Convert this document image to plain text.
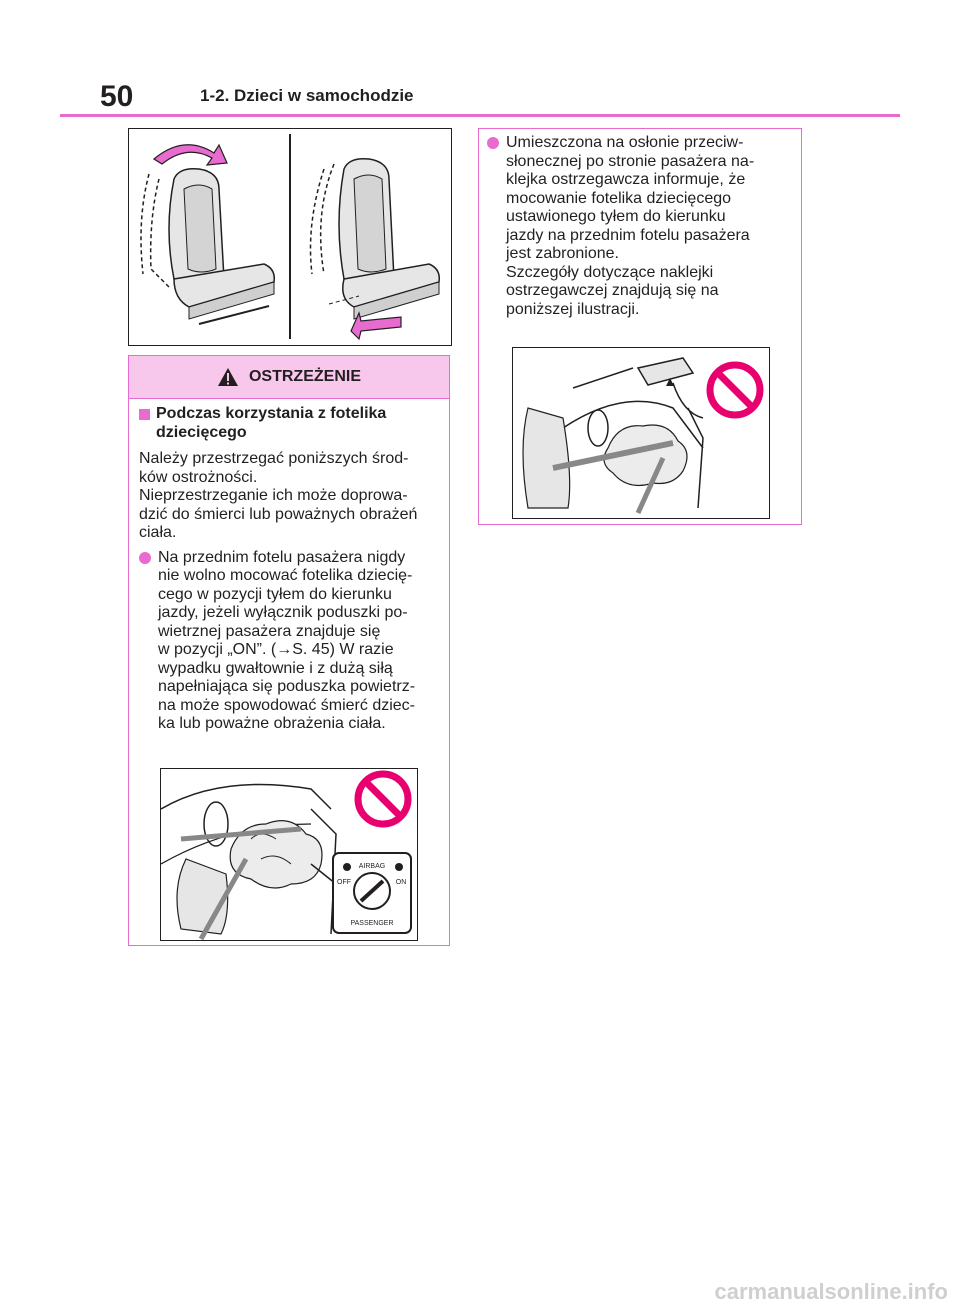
50	1-2. Dzieci w samochodzie
OSTRZEŻENIE
Podczas korzystania z fotelika
dziecięcego
Należy przestrzegać poniższych środ-
ków ostrożności.
Nieprzestrzeganie ich może doprowa-
dzić do śmierci lub poważnych obrażeń
ciała.
Na przednim fotelu pasażera nigdy
nie wolno mocować fotelika dziecię-
cego w pozycji tyłem do kierunku
jazdy, jeżeli wyłącznik poduszki po-
wietrznej pasażera znajduje się
w pozycji „ON”. (→S. 45) W razie
wypadku gwałtownie i z dużą siłą
napełniająca się poduszka powietrz-
na może spowodować śmierć dziec-
ka lub poważne obrażenia ciała.
AIRBAG
OFF	ON
PASSENGER
Umieszczona na osłonie przeciw-
słonecznej po stronie pasażera na-
klejka ostrzegawcza informuje, że
mocowanie fotelika dziecięcego
ustawionego tyłem do kierunku
jazdy na przednim fotelu pasażera
jest zabronione.
Szczegóły dotyczące naklejki
ostrzegawczej znajdują się na
poniższej ilustracji.
carmanualsonline.info
